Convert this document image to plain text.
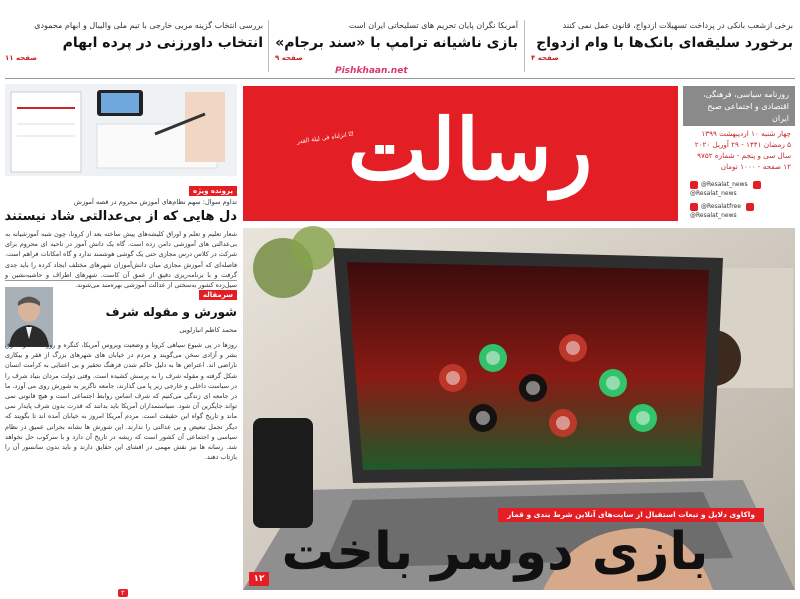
برخی ازشعب بانکی در پرداخت تسهیلات ازدواج، قانون عمل نمی کنند
برخورد سلیقه‌ای بانک‌ها با وام ازدواج
صفحه ۴
آمریکا نگران پایان تحریم های تسلیحاتی ایران است
بازی ناشیانه ترامپ با «سند برجام»
صفحه ۹
بررسی انتخاب گزینه مربی خارجی با تیم ملی والیبال و ابهام محمودی
انتخاب داورزنی در پرده ابهام
صفحه ۱۱
Pishkhaan.net
رسالت
انّا انزلناه فی لیلة القدر
روزنامه سیاسی، فرهنگی، اقتصادی و اجتماعی صبح ایران
چهار شنبه ۱۰ اردیبهشت ۱۳۹۹
۵ رمضان ۱۴۴۱ - ۲۹ آوریل ۲۰۲۰
سال سی و پنجم - شماره ۹۷۵۲
۱۲ صفحه - ۱۰۰۰ تومان
@Resalat_news @Resalat_news
@Resalatfree @Resalat_news
پرونده ویژه
تداوم سوال: سهم نظام‌های آموزش محروم در قصه آموزش
دل هایی که از بی‌عدالتی شاد نیستند
شعار تعلیم و تعلم و اوراق کلیشه‌های پیش ساخته بعد از کرونا، چون شبه آموزشیانه به بی‌عدالتی های آموزشی دامن زده است. گاه یک دانش آموز در ناحیه ای محروم برای شرکت در کلاس درس مجازی حتی یک گوشی هوشمند ندارد و گاه امکانات فراهم است. فاصله‌ای که آموزش مجازی میان دانش‌آموزان شهرهای مختلف ایجاد کرده را باید جدی گرفت و با برنامه‌ریزی دقیق از عمق آن کاست. شهرهای اطراف و حاشیه‌نشین و سیل‌زده کشور به‌سختی از عدالت آموزشی بهره‌مند می‌شوند.
سرمقاله
شورش و مقوله شرف
محمد کاظم انبارلویی
روزها در پی شیوع سیاهی کرونا و وضعیت ویروس آمریکا، کنگره و روزنامه‌ها از حقوق بشر و آزادی سخن می‌گویند و مردم در خیابان های شهرهای بزرگ از فقر و بیکاری ناراضی اند. اعتراض ها به دلیل حاکم شدن فرهنگ تحقیر و بی اعتنایی به کرامت انسان شکل گرفته و مقوله شرف را به پرسش کشیده است. وقتی دولت مردان بنیاد شرف را در سیاست داخلی و خارجی زیر پا می گذارند، جامعه ناگزیر به شورش روی می آورد. ما در جامعه ای زندگی می‌کنیم که شرف اساس روابط اجتماعی است و هیچ قانونی نمی تواند جایگزین آن شود. سیاستمداران آمریکا باید بدانند که قدرت بدون شرف پایدار نمی ماند و تاریخ گواه این حقیقت است. مردم آمریکا امروز به خیابان آمده اند تا بگویند که دیگر تحمل تبعیض و بی عدالتی را ندارند. این شورش ها نشانه بحرانی عمیق در نظام سیاسی و اجتماعی آن کشور است که ریشه در تاریخ آن دارد و با سرکوب حل نخواهد شد. رسانه ها نیز نقش مهمی در افشای این حقایق دارند و باید بدون سانسور آن را بازتاب دهند.
۲
واکاوی دلایل و تبعات استقبال از سایت‌های آنلاین شرط بندی و قمار
بازی دوسر باخت
۱۲
